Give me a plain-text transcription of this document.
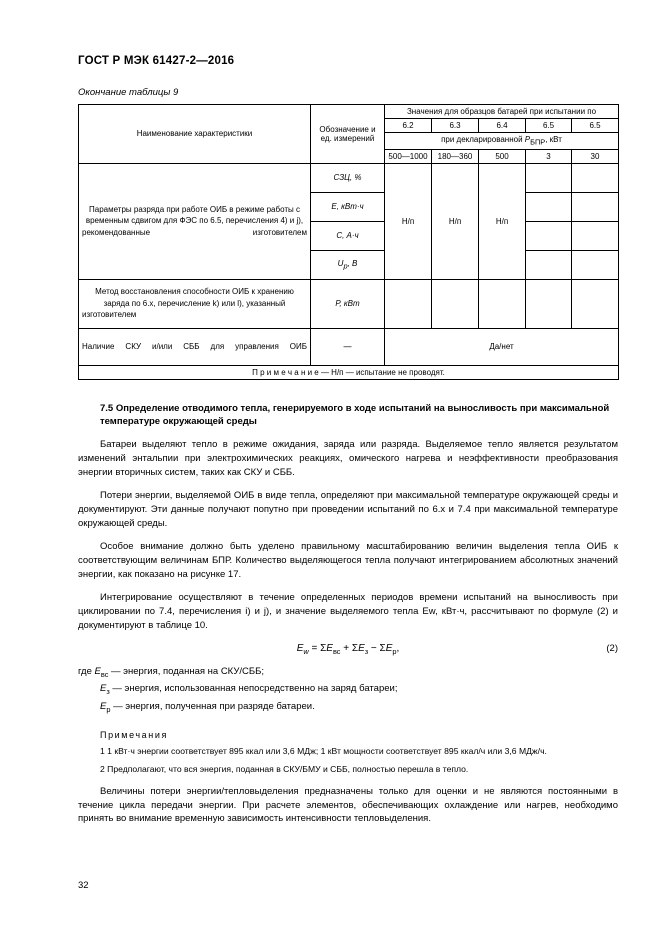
ГОСТ Р МЭК 61427-2—2016
Окончание таблицы 9
Наименование характеристики	Обозначение и ед. измерений	Значения для образцов батарей при испытании по				
		6.2	6.3	6.4	6.5	6.5
		при декларированной $P_{БПР}$, кВт				
		500—1000	180—360	500	3	30
Параметры разряда при работе ОИБ в режиме работы с временным сдвигом для ФЭС по 6.5, перечисления 4) и j), рекомендованные изготовителем	СЗЦ, %	Н/п	Н/п	Н/п		
	Е, кВт·ч					
	С, А·ч					
	$U_р$, В					
Метод восстановления способности ОИБ к хранению заряда по 6.x, перечисление k) или l), указанный изготовителем	Р, кВт					
Наличие СКУ и/или СББ для управления ОИБ	—	Да/нет				
П р и м е ч а н и е — Н/п — испытание не проводят.						
7.5 Определение отводимого тепла, генерируемого в ходе испытаний на выносливость при максимальной температуре окружающей среды

Батареи выделяют тепло в режиме ожидания, заряда или разряда. Выделяемое тепло является результатом изменений энтальпии при электрохимических реакциях, омического нагрева и неэффективности преобразования энергии вторичных систем, таких как СКУ и СББ.

Потери энергии, выделяемой ОИБ в виде тепла, определяют при максимальной температуре окружающей среды и документируют. Эти данные получают попутно при проведении испытаний по 6.x и 7.4 при максимальной температуре окружающей среды.

Особое внимание должно быть уделено правильному масштабированию величин выделения тепла ОИБ к соответствующим величинам БПР. Количество выделяющегося тепла получают интегрированием абсолютных значений энергии, как показано на рисунке 17.

Интегрирование осуществляют в течение определенных периодов времени испытаний на выносливость при циклировании по 7.4, перечисления i) и j), и значение выделяемого тепла Еw, кВт·ч, рассчитывают по формуле (2) и документируют в таблице 10.

$Е_w = \Sigma Е_{вс} + \Sigma Е_з - \Sigma Е_р$,	(2)
где $Е_{вс}$ — энергия, поданная на СКУ/СББ;
$Е_з$ — энергия, использованная непосредственно на заряд батареи;
$Е_р$ — энергия, полученная при разряде батареи.
Примечания
1 1 кВт·ч энергии соответствует 895 ккал или 3,6 МДж; 1 кВт мощности соответствует 895 ккал/ч или 3,6 МДж/ч.
2 Предполагают, что вся энергия, поданная в СКУ/БМУ и СББ, полностью перешла в тепло.

Величины потери энергии/тепловыделения предназначены только для оценки и не являются постоянными в течение цикла передачи энергии. При расчете элементов, обеспечивающих охлаждение или нагрев, необходимо принять во внимание временную зависимость интенсивности тепловыделения.

32
